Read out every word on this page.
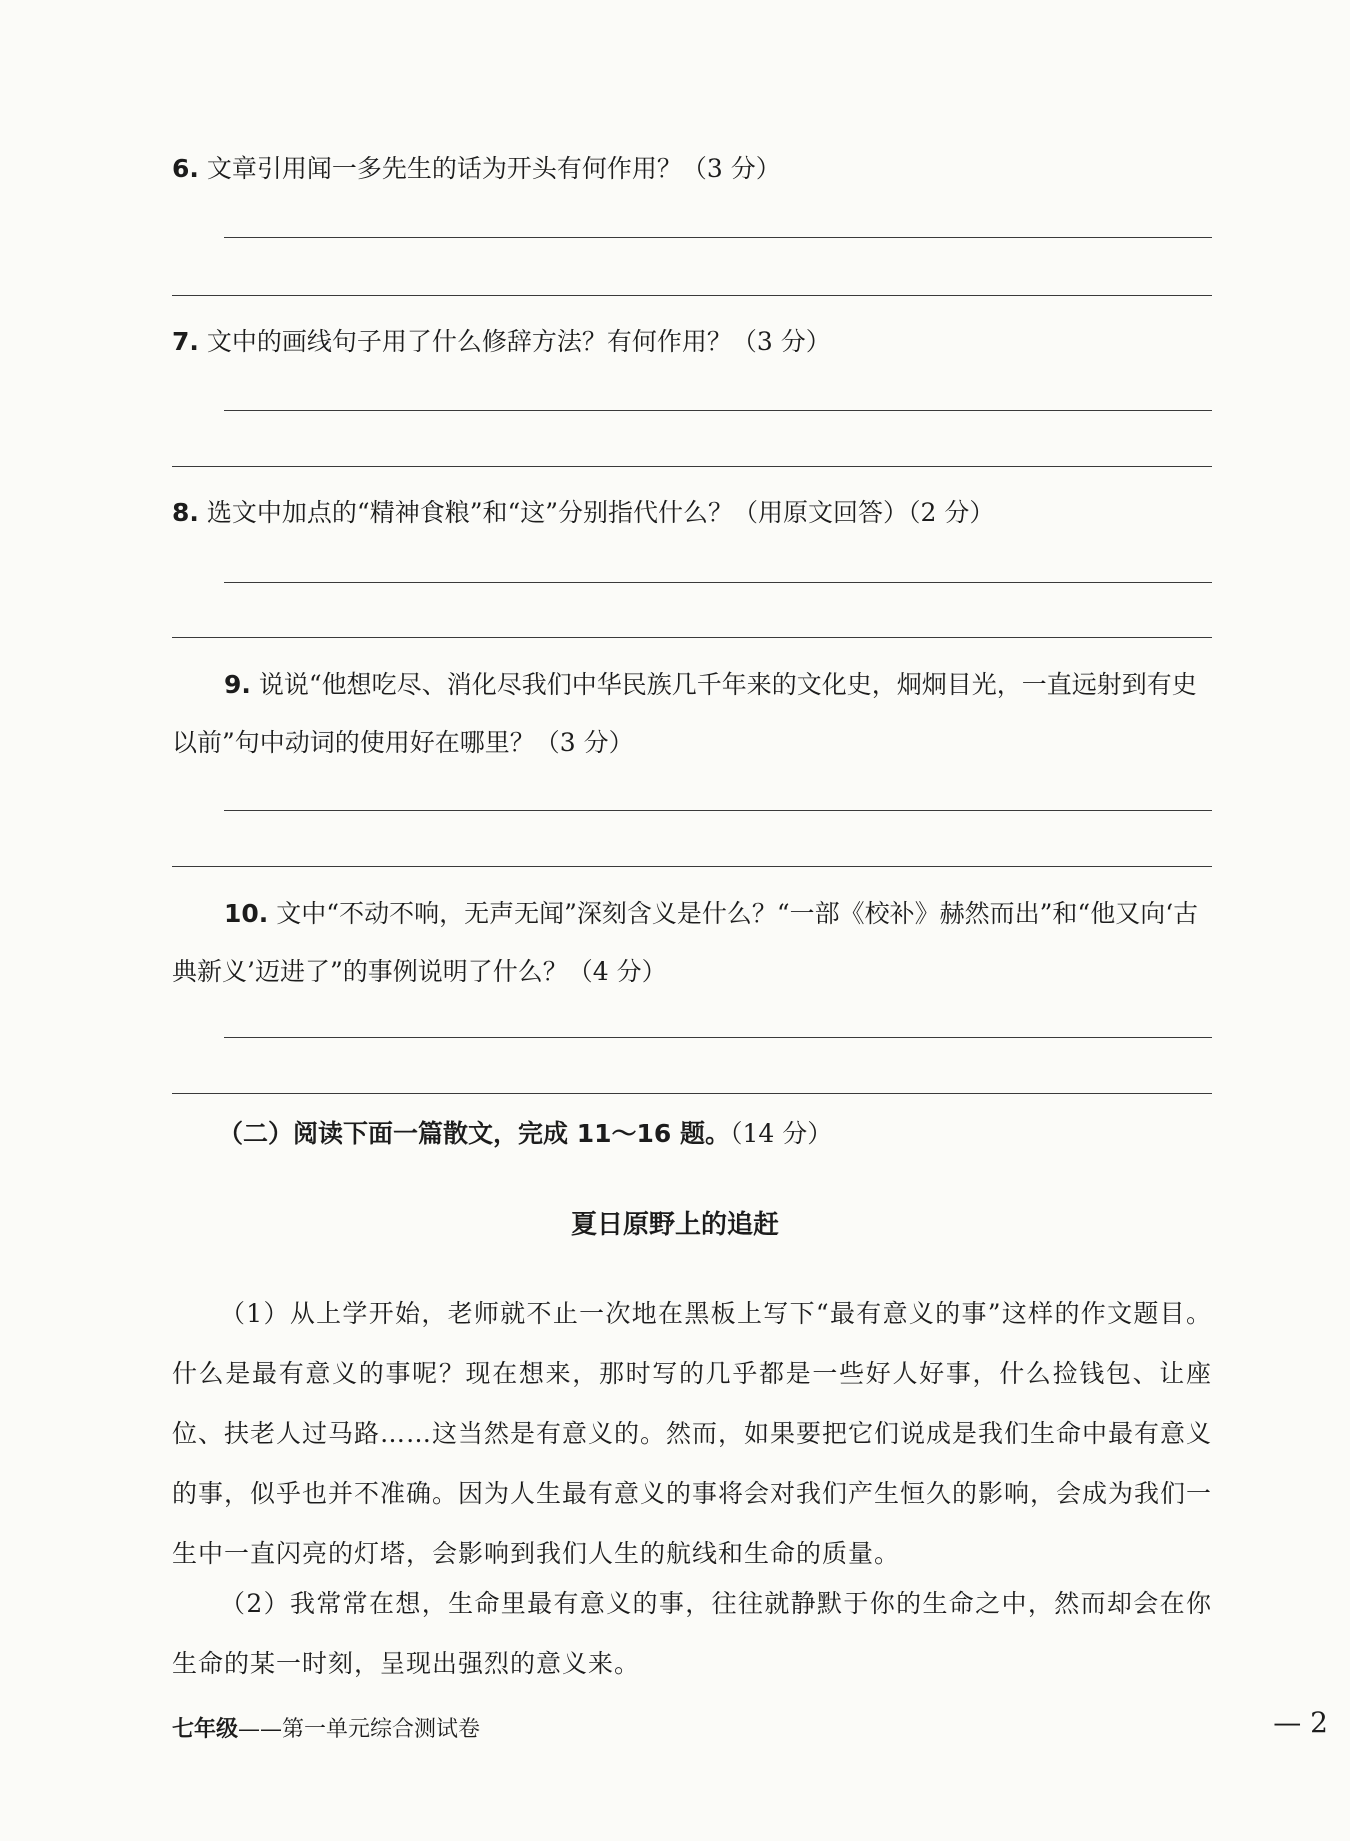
6. 文章引用闻一多先生的话为开头有何作用？（3 分）

7. 文中的画线句子用了什么修辞方法？有何作用？（3 分）

8. 选文中加点的“精神食粮”和“这”分别指代什么？（用原文回答）（2 分）

9. 说说“他想吃尽、消化尽我们中华民族几千年来的文化史，炯炯目光，一直远射到有史以前”句中动词的使用好在哪里？（3 分）

10. 文中“不动不响，无声无闻”深刻含义是什么？“一部《校补》赫然而出”和“他又向‘古典新义’迈进了”的事例说明了什么？（4 分）

（二）阅读下面一篇散文，完成 11～16 题。（14 分）
夏日原野上的追赶

（1）从上学开始，老师就不止一次地在黑板上写下“最有意义的事”这样的作文题目。什么是最有意义的事呢？现在想来，那时写的几乎都是一些好人好事，什么捡钱包、让座位、扶老人过马路……这当然是有意义的。然而，如果要把它们说成是我们生命中最有意义的事，似乎也并不准确。因为人生最有意义的事将会对我们产生恒久的影响，会成为我们一生中一直闪亮的灯塔，会影响到我们人生的航线和生命的质量。

（2）我常常在想，生命里最有意义的事，往往就静默于你的生命之中，然而却会在你生命的某一时刻，呈现出强烈的意义来。

七年级——第一单元综合测试卷	— 2
